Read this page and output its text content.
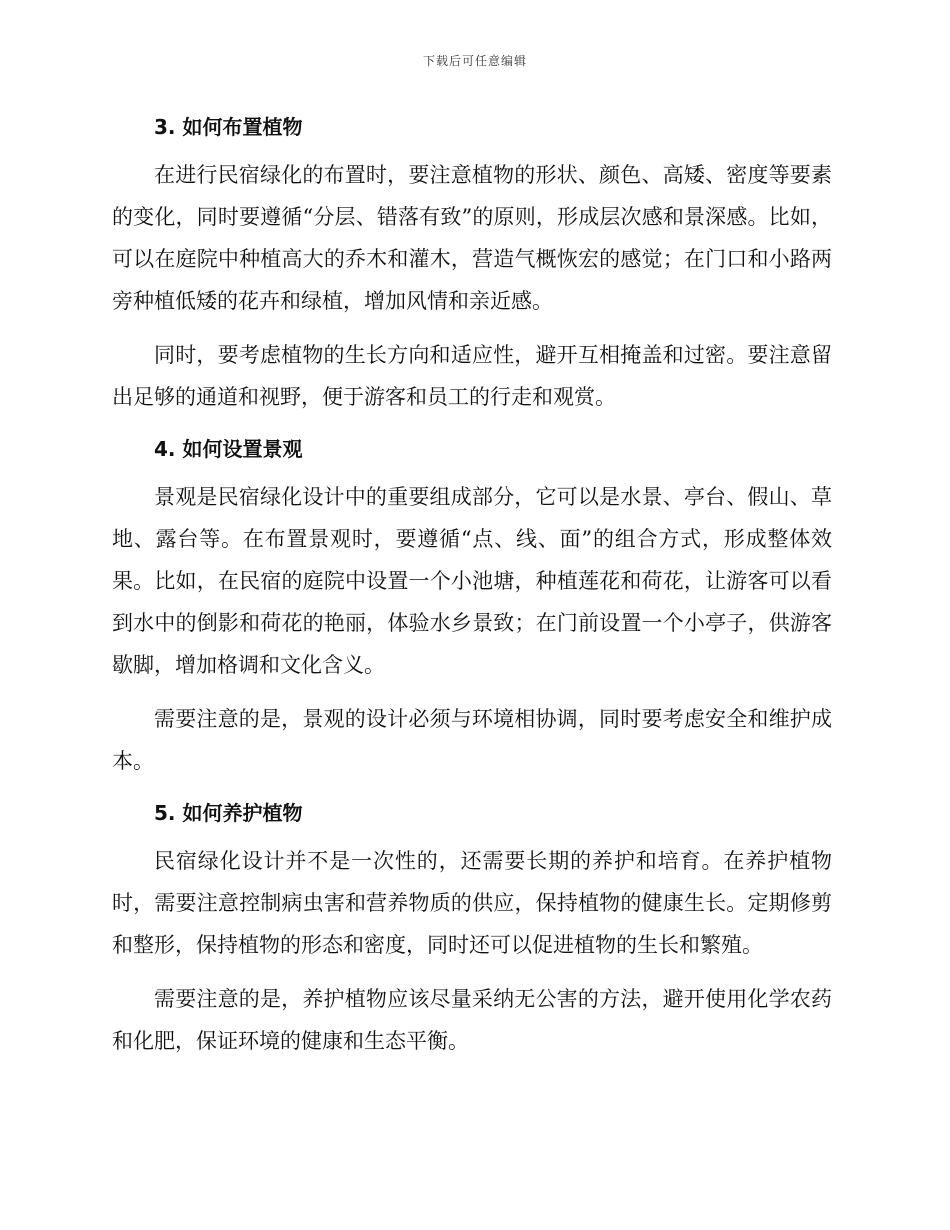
下载后可任意编辑
3. 如何布置植物

在进行民宿绿化的布置时，要注意植物的形状、颜色、高矮、密度等要素的变化，同时要遵循“分层、错落有致”的原则，形成层次感和景深感。比如，可以在庭院中种植高大的乔木和灌木，营造气概恢宏的感觉；在门口和小路两旁种植低矮的花卉和绿植，增加风情和亲近感。

同时，要考虑植物的生长方向和适应性，避开互相掩盖和过密。要注意留出足够的通道和视野，便于游客和员工的行走和观赏。

4. 如何设置景观

景观是民宿绿化设计中的重要组成部分，它可以是水景、亭台、假山、草地、露台等。在布置景观时，要遵循“点、线、面”的组合方式，形成整体效果。比如，在民宿的庭院中设置一个小池塘，种植莲花和荷花，让游客可以看到水中的倒影和荷花的艳丽，体验水乡景致；在门前设置一个小亭子，供游客歇脚，增加格调和文化含义。

需要注意的是，景观的设计必须与环境相协调，同时要考虑安全和维护成本。

5. 如何养护植物

民宿绿化设计并不是一次性的，还需要长期的养护和培育。在养护植物时，需要注意控制病虫害和营养物质的供应，保持植物的健康生长。定期修剪和整形，保持植物的形态和密度，同时还可以促进植物的生长和繁殖。

需要注意的是，养护植物应该尽量采纳无公害的方法，避开使用化学农药和化肥，保证环境的健康和生态平衡。
